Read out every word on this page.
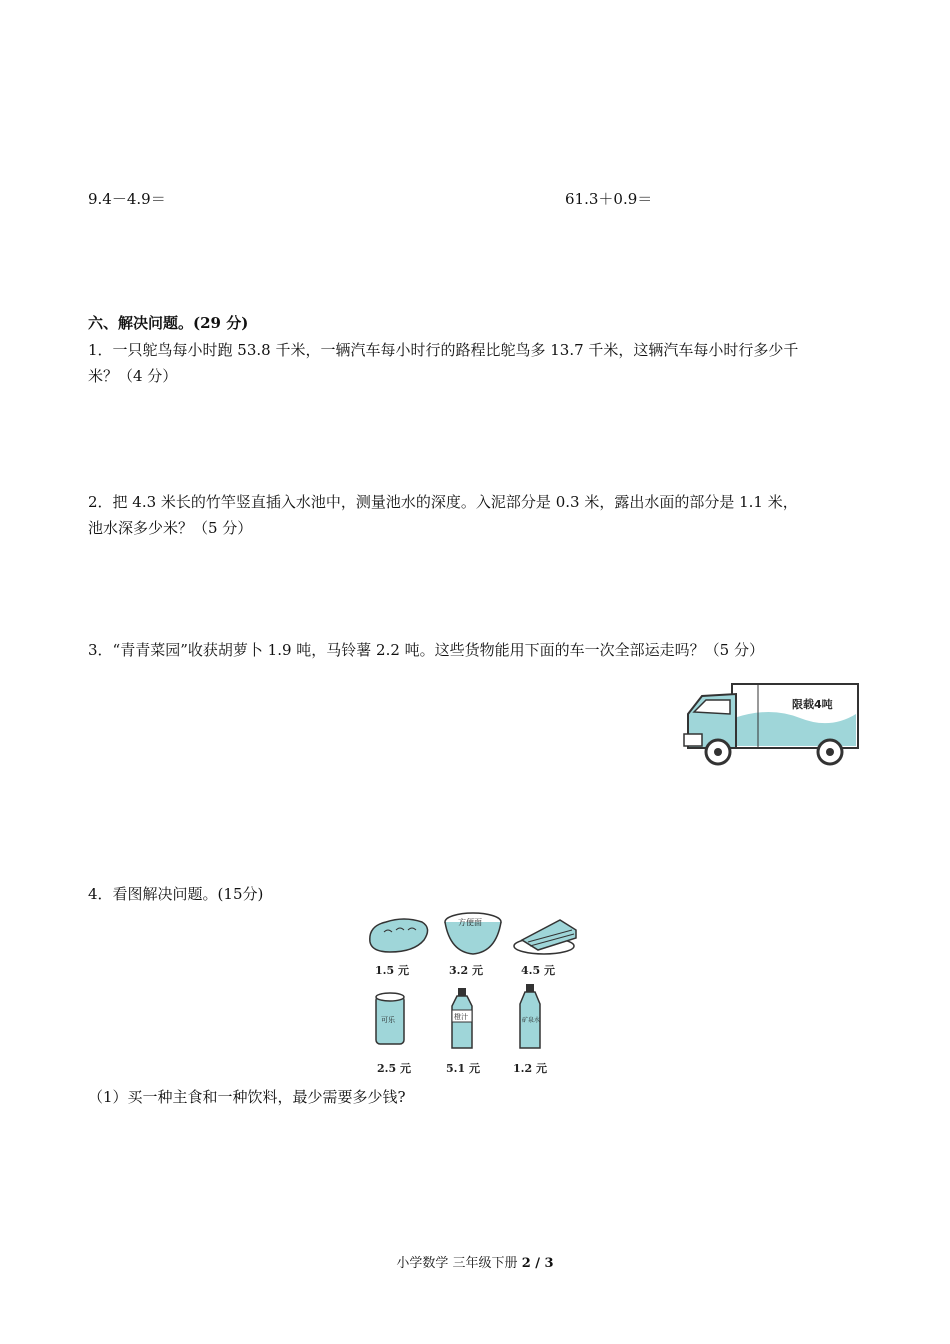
9.4－4.9＝	61.3＋0.9＝
六、解决问题。(29 分)
1．一只鸵鸟每小时跑 53.8 千米，一辆汽车每小时行的路程比鸵鸟多 13.7 千米，这辆汽车每小时行多少千
米？（4 分）
2．把 4.3 米长的竹竿竖直插入水池中，测量池水的深度。入泥部分是 0.3 米，露出水面的部分是 1.1 米，
池水深多少米？（5 分）
3．“青青菜园”收获胡萝卜 1.9 吨，马铃薯 2.2 吨。这些货物能用下面的车一次全部运走吗？（5 分）
限载4吨
4．看图解决问题。(15分)
方便面
1.5 元	3.2 元	4.5 元
可乐	橙汁	矿泉水
2.5 元	5.1 元	1.2 元
（1）买一种主食和一种饮料，最少需要多少钱?
小学数学 三年级下册 2 / 3
